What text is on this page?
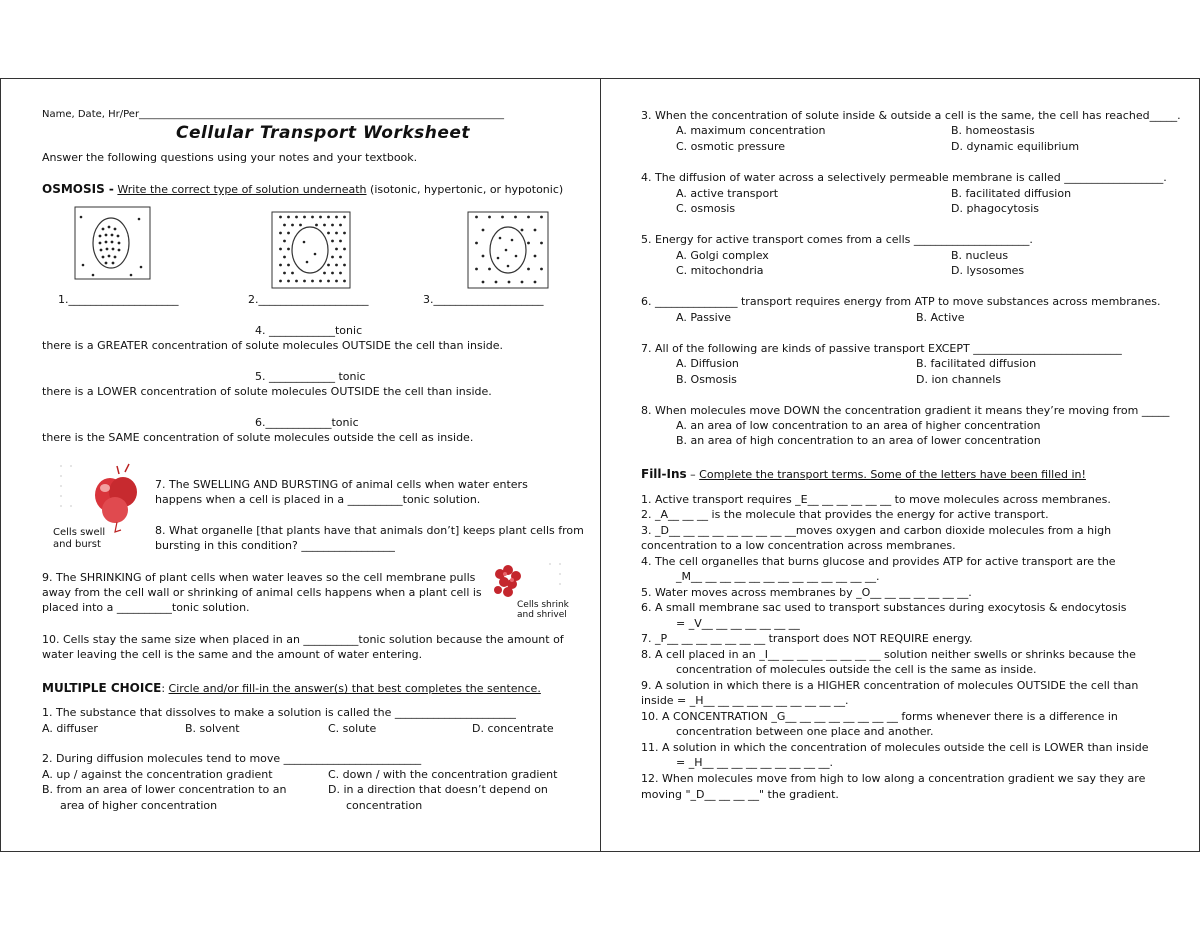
Name, Date, Hr/Per_________________________________________________________________________
Cellular Transport Worksheet
Answer the following questions using your notes and your textbook.
OSMOSIS - Write the correct type of solution underneath (isotonic, hypertonic, or hypotonic)
1.____________________	2.____________________	3.____________________
4. ____________tonic
there is a GREATER concentration of solute molecules OUTSIDE the cell than inside.
5. ____________ tonic
there is a LOWER concentration of solute molecules OUTSIDE the cell than inside.
6.____________tonic
there is the SAME concentration of solute molecules outside the cell as inside.
Cells swell
and burst
7. The SWELLING AND BURSTING of animal cells when water enters
happens when a cell is placed in a __________tonic solution.
8. What organelle [that plants have that animals don’t] keeps plant cells from
bursting in this condition? _________________
Cells shrink
and shrivel
9. The SHRINKING of plant cells when water leaves so the cell membrane pulls
away from the cell wall or shrinking of animal cells happens when a plant cell is
placed into a __________tonic solution.
10. Cells stay the same size when placed in an __________tonic solution because the amount of
water leaving the cell is the same and the amount of water entering.
MULTIPLE CHOICE: Circle and/or fill-in the answer(s) that best completes the sentence.
1. The substance that dissolves to make a solution is called the ______________________
A. diffuser	B. solvent	C. solute	D. concentrate
2. During diffusion molecules tend to move _________________________
A. up / against the concentration gradient	C. down / with the concentration gradient
B. from an area of lower concentration to an
area of higher concentration
D. in a direction that doesn’t depend on
concentration
3. When the concentration of solute inside & outside a cell is the same, the cell has reached_____.
A. maximum concentration	B. homeostasis
C. osmotic pressure	D. dynamic equilibrium
4. The diffusion of water across a selectively permeable membrane is called __________________.
A. active transport	B. facilitated diffusion
C. osmosis	D. phagocytosis
5. Energy for active transport comes from a cells _____________________.
A. Golgi complex	B. nucleus
C. mitochondria	D. lysosomes
6. _______________ transport requires energy from ATP to move substances across membranes.
A. Passive	B. Active
7. All of the following are kinds of passive transport EXCEPT ___________________________
A. Diffusion	B. facilitated diffusion
B. Osmosis	D. ion channels
8. When molecules move DOWN the concentration gradient it means they’re moving from _____
A. an area of low concentration to an area of higher concentration
B. an area of high concentration to an area of lower concentration
Fill-Ins – Complete the transport terms. Some of the letters have been filled in!
1. Active transport requires _E__ __ __ __ __ __ to move molecules across membranes.
2. _A__ __ __ is the molecule that provides the energy for active transport.
3. _D__ __ __ __ __ __ __ __ __moves oxygen and carbon dioxide molecules from a high
concentration to a low concentration across membranes.
4. The cell organelles that burns glucose and provides ATP for active transport are the
_M__ __ __ __ __ __ __ __ __ __ __ __ __.
5. Water moves across membranes by _O__ __ __ __ __ __ __.
6. A small membrane sac used to transport substances during exocytosis & endocytosis
= _V__ __ __ __ __ __ __
7. _P__ __ __ __ __ __ __ transport does NOT REQUIRE energy.
8. A cell placed in an _I__ __ __ __ __ __ __ __ solution neither swells or shrinks because the
concentration of molecules outside the cell is the same as inside.
9. A solution in which there is a HIGHER concentration of molecules OUTSIDE the cell than
inside = _H__ __ __ __ __ __ __ __ __ __.
10. A CONCENTRATION _G__ __ __ __ __ __ __ __ forms whenever there is a difference in
concentration between one place and another.
11. A solution in which the concentration of molecules outside the cell is LOWER than inside
= _H__ __ __ __ __ __ __ __ __.
12. When molecules move from high to low along a concentration gradient we say they are
moving "_D__ __ __ __" the gradient.
